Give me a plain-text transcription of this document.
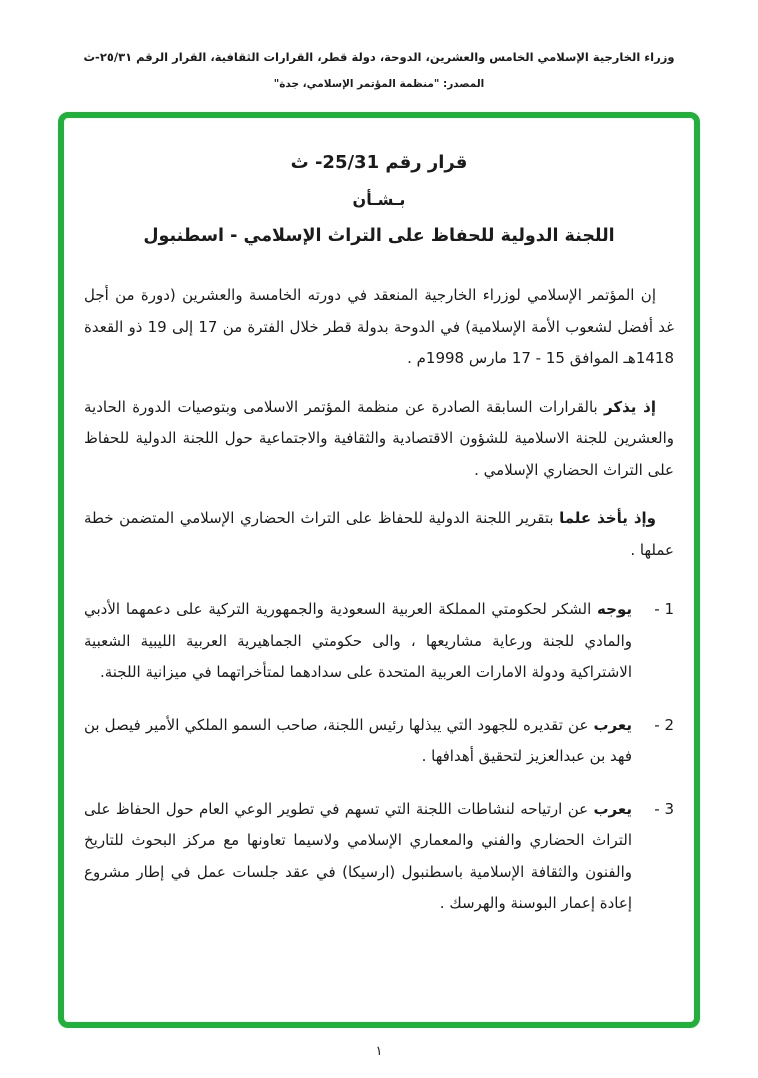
وزراء الخارجية الإسلامي الخامس والعشرين، الدوحة، دولة قطر، القرارات الثقافية، القرار الرقم ٢٥/٣١-ث
المصدر: "منظمة المؤتمر الإسلامي، جدة"
قرار رقم 25/31- ث
بـشـأن
اللجنة الدولية للحفاظ على التراث الإسلامي - اسطنبول

إن المؤتمر الإسلامي لوزراء الخارجية المنعقد في دورته الخامسة والعشرين (دورة من أجل غد أفضل لشعوب الأمة الإسلامية) في الدوحة بدولة قطر خلال الفترة من 17 إلى 19 ذو القعدة 1418هـ الموافق 15 - 17 مارس 1998م .

إذ يذكر بالقرارات السابقة الصادرة عن منظمة المؤتمر الاسلامى وبتوصيات الدورة الحادية والعشرين للجنة الاسلامية للشؤون الاقتصادية والثقافية والاجتماعية حول اللجنة الدولية للحفاظ على التراث الحضاري الإسلامي .

وإذ يأخذ علما بتقرير اللجنة الدولية للحفاظ على التراث الحضاري الإسلامي المتضمن خطة عملها .

1 -
يوجه الشكر لحكومتي المملكة العربية السعودية والجمهورية التركية على دعمهما الأدبي والمادي للجنة ورعاية مشاريعها ، والى حكومتي الجماهيرية العربية الليبية الشعبية الاشتراكية ودولة الامارات العربية المتحدة على سدادهما لمتأخراتهما في ميزانية اللجنة.
2 -
يعرب عن تقديره للجهود التي يبذلها رئيس اللجنة، صاحب السمو الملكي الأمير فيصل بن فهد بن عبدالعزيز لتحقيق أهدافها .
3 -
يعرب عن ارتياحه لنشاطات اللجنة التي تسهم في تطوير الوعي العام حول الحفاظ على التراث الحضاري والفني والمعماري الإسلامي ولاسيما تعاونها مع مركز البحوث للتاريخ والفنون والثقافة الإسلامية باسطنبول (ارسيكا) في عقد جلسات عمل في إطار مشروع إعادة إعمار البوسنة والهرسك .
١
